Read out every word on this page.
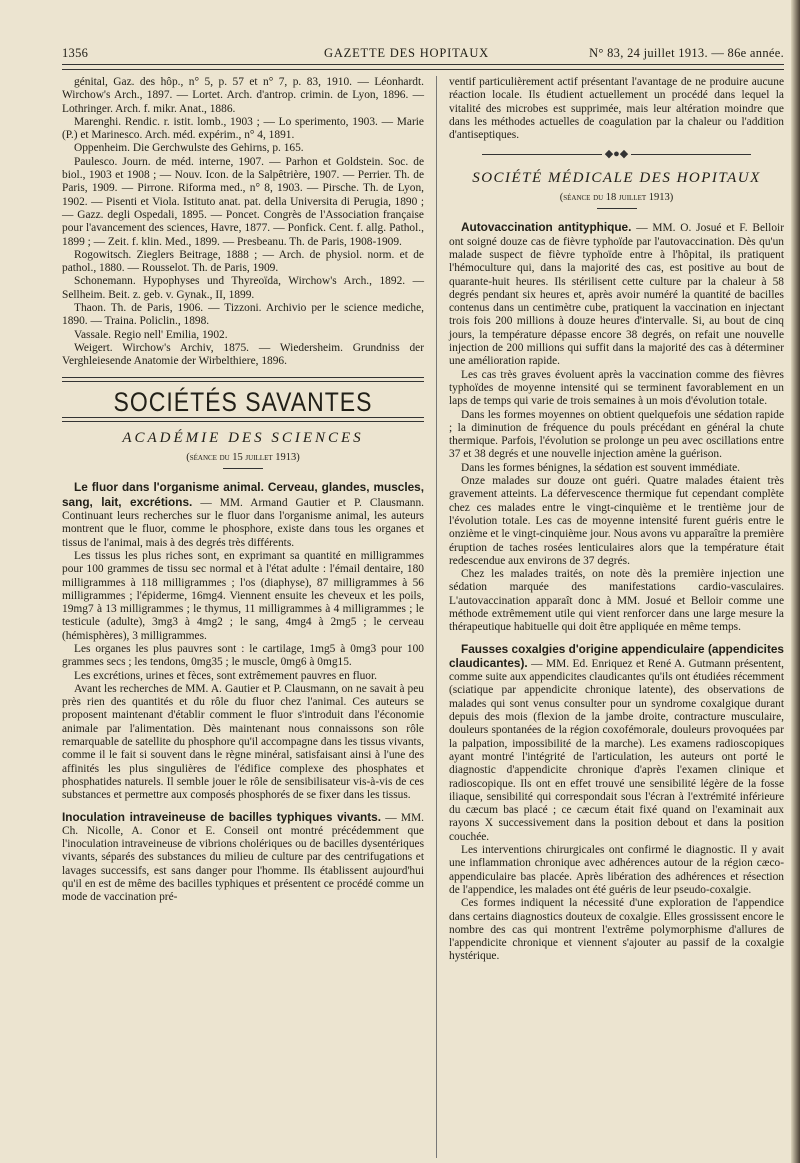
1356	GAZETTE DES HOPITAUX	N° 83, 24 juillet 1913. — 86e année.

génital, Gaz. des hôp., n° 5, p. 57 et n° 7, p. 83, 1910. — Léonhardt. Wirchow's Arch., 1897. — Lortet. Arch. d'antrop. crimin. de Lyon, 1896. — Lothringer. Arch. f. mikr. Anat., 1886.

Marenghi. Rendic. r. istit. lomb., 1903 ; — Lo sperimento, 1903. — Marie (P.) et Marinesco. Arch. méd. expérim., n° 4, 1891.

Oppenheim. Die Gerchwulste des Gehirns, p. 165.

Paulesco. Journ. de méd. interne, 1907. — Parhon et Goldstein. Soc. de biol., 1903 et 1908 ; — Nouv. Icon. de la Salpêtrière, 1907. — Perrier. Th. de Paris, 1909. — Pirrone. Riforma med., n° 8, 1903. — Pirsche. Th. de Lyon, 1902. — Pisenti et Viola. Istituto anat. pat. della Universita di Perugia, 1890 ; — Gazz. degli Ospedali, 1895. — Poncet. Congrès de l'Association française pour l'avancement des sciences, Havre, 1877. — Ponfick. Cent. f. allg. Pathol., 1899 ; — Zeit. f. klin. Med., 1899. — Presbeanu. Th. de Paris, 1908-1909.

Rogowitsch. Zieglers Beitrage, 1888 ; — Arch. de physiol. norm. et de pathol., 1880. — Rousselot. Th. de Paris, 1909.

Schonemann. Hypophyses und Thyreoïda, Wirchow's Arch., 1892. — Sellheim. Beit. z. geb. v. Gynak., II, 1899.

Thaon. Th. de Paris, 1906. — Tizzoni. Archivio per le science mediche, 1890. — Traina. Policlin., 1898.

Vassale. Regio nell' Emilia, 1902.

Weigert. Wirchow's Archiv, 1875. — Wiedersheim. Grundniss der Verghleiesende Anatomie der Wirbelthiere, 1896.

SOCIÉTÉS SAVANTES
ACADÉMIE DES SCIENCES
(séance du 15 juillet 1913)

Le fluor dans l'organisme animal. Cerveau, glandes, muscles, sang, lait, excrétions. — MM. Armand Gautier et P. Clausmann. Continuant leurs recherches sur le fluor dans l'organisme animal, les auteurs montrent que le fluor, comme le phosphore, existe dans tous les organes et tissus de l'animal, mais à des degrés très différents.

Les tissus les plus riches sont, en exprimant sa quantité en milligrammes pour 100 grammes de tissu sec normal et à l'état adulte : l'émail dentaire, 180 milligrammes à 118 milligrammes ; l'os (diaphyse), 87 milligrammes à 56 milligrammes ; l'épiderme, 16mg4. Viennent ensuite les cheveux et les poils, 19mg7 à 13 milligrammes ; le thymus, 11 milligrammes à 4 milligrammes ; le testicule (adulte), 3mg3 à 4mg2 ; le sang, 4mg4 à 2mg5 ; le cerveau (hémisphères), 3 milligrammes.

Les organes les plus pauvres sont : le cartilage, 1mg5 à 0mg3 pour 100 grammes secs ; les tendons, 0mg35 ; le muscle, 0mg6 à 0mg15.

Les excrétions, urines et fèces, sont extrêmement pauvres en fluor.

Avant les recherches de MM. A. Gautier et P. Clausmann, on ne savait à peu près rien des quantités et du rôle du fluor chez l'animal. Ces auteurs se proposent maintenant d'établir comment le fluor s'introduit dans l'économie animale par l'alimentation. Dès maintenant nous connaissons son rôle remarquable de satellite du phosphore qu'il accompagne dans les tissus vivants, comme il le fait si souvent dans le règne minéral, satisfaisant ainsi à l'une des affinités les plus singulières de l'édifice complexe des phosphates et phosphatides naturels. Il semble jouer le rôle de sensibilisateur vis-à-vis de ces substances et permettre aux composés phosphorés de se fixer dans les tissus.

Inoculation intraveineuse de bacilles typhiques vivants. — MM. Ch. Nicolle, A. Conor et E. Conseil ont montré précédemment que l'inoculation intraveineuse de vibrions cholériques ou de bacilles dysentériques vivants, séparés des substances du milieu de culture par des centrifugations et lavages successifs, est sans danger pour l'homme. Ils établissent aujourd'hui qu'il en est de même des bacilles typhiques et présentent ce procédé comme un mode de vaccination pré-

ventif particulièrement actif présentant l'avantage de ne produire aucune réaction locale. Ils étudient actuellement un procédé dans lequel la vitalité des microbes est supprimée, mais leur altération moindre que dans les méthodes actuelles de coagulation par la chaleur ou l'addition d'antiseptiques.

◆●◆
SOCIÉTÉ MÉDICALE DES HOPITAUX
(séance du 18 juillet 1913)

Autovaccination antityphique. — MM. O. Josué et F. Belloir ont soigné douze cas de fièvre typhoïde par l'autovaccination. Dès qu'un malade suspect de fièvre typhoïde entre à l'hôpital, ils pratiquent l'hémoculture qui, dans la majorité des cas, est positive au bout de quarante-huit heures. Ils stérilisent cette culture par la chaleur à 58 degrés pendant six heures et, après avoir numéré la quantité de bacilles contenus dans un centimètre cube, pratiquent la vaccination en injectant trois fois 200 millions à douze heures d'intervalle. Si, au bout de cinq jours, la température dépasse encore 38 degrés, on refait une nouvelle injection de 200 millions qui suffit dans la majorité des cas à déterminer une amélioration rapide.

Les cas très graves évoluent après la vaccination comme des fièvres typhoïdes de moyenne intensité qui se terminent favorablement en un laps de temps qui varie de trois semaines à un mois d'évolution totale.

Dans les formes moyennes on obtient quelquefois une sédation rapide ; la diminution de fréquence du pouls précédant en général la chute thermique. Parfois, l'évolution se prolonge un peu avec oscillations entre 37 et 38 degrés et une nouvelle injection amène la guérison.

Dans les formes bénignes, la sédation est souvent immédiate.

Onze malades sur douze ont guéri. Quatre malades étaient très gravement atteints. La défervescence thermique fut cependant complète chez ces malades entre le vingt-cinquième et le trentième jour de l'évolution totale. Les cas de moyenne intensité furent guéris entre le onzième et le vingt-cinquième jour. Nous avons vu apparaître la première éruption de taches rosées lenticulaires alors que la température était redescendue aux environs de 37 degrés.

Chez les malades traités, on note dès la première injection une sédation marquée des manifestations cardio-vasculaires. L'autovaccination apparaît donc à MM. Josué et Belloir comme une méthode extrêmement utile qui vient renforcer dans une large mesure la thérapeutique habituelle qui doit être appliquée en même temps.

Fausses coxalgies d'origine appendiculaire (appendicites claudicantes). — MM. Ed. Enriquez et René A. Gutmann présentent, comme suite aux appendicites claudicantes qu'ils ont étudiées récemment (sciatique par appendicite chronique latente), des observations de malades qui sont venus consulter pour un syndrome coxalgique durant depuis des mois (flexion de la jambe droite, contracture musculaire, douleurs spontanées de la région coxofémorale, douleurs provoquées par la palpation, impossibilité de la marche). Les examens radioscopiques ayant montré l'intégrité de l'articulation, les auteurs ont porté le diagnostic d'appendicite chronique d'après l'examen clinique et radioscopique. Ils ont en effet trouvé une sensibilité légère de la fosse iliaque, sensibilité qui correspondait sous l'écran à l'extrémité inférieure du cæcum bas placé ; ce cæcum était fixé quand on l'examinait aux rayons X successivement dans la position debout et dans la position couchée.

Les interventions chirurgicales ont confirmé le diagnostic. Il y avait une inflammation chronique avec adhérences autour de la région cæco-appendiculaire bas placée. Après libération des adhérences et résection de l'appendice, les malades ont été guéris de leur pseudo-coxalgie.

Ces formes indiquent la nécessité d'une exploration de l'appendice dans certains diagnostics douteux de coxalgie. Elles grossissent encore le nombre des cas qui montrent l'extrême polymorphisme d'allures de l'appendicite chronique et viennent s'ajouter au passif de la coxalgie hystérique.
